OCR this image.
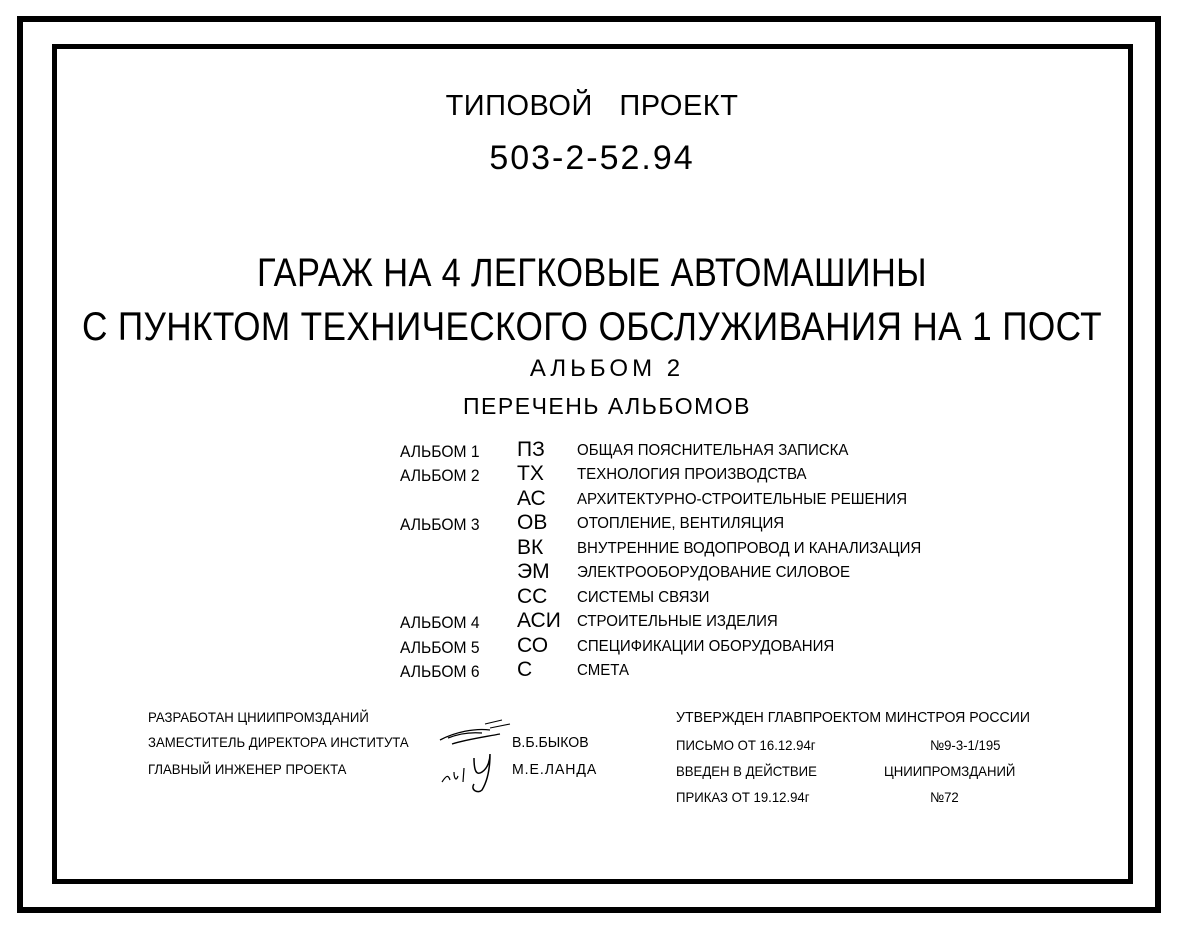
ТИПОВОЙ ПРОЕКТ
503-2-52.94
ГАРАЖ НА 4 ЛЕГКОВЫЕ АВТОМАШИНЫ
С ПУНКТОМ ТЕХНИЧЕСКОГО ОБСЛУЖИВАНИЯ НА 1 ПОСТ
АЛЬБОМ 2
ПЕРЕЧЕНЬ АЛЬБОМОВ
АЛЬБОМ 1 ПЗ ОБЩАЯ ПОЯСНИТЕЛЬНАЯ ЗАПИСКА
АЛЬБОМ 2 ТХ ТЕХНОЛОГИЯ ПРОИЗВОДСТВА
АС АРХИТЕКТУРНО-СТРОИТЕЛЬНЫЕ РЕШЕНИЯ
АЛЬБОМ 3 ОВ ОТОПЛЕНИЕ, ВЕНТИЛЯЦИЯ
ВК ВНУТРЕННИЕ ВОДОПРОВОД И КАНАЛИЗАЦИЯ
ЭМ ЭЛЕКТРООБОРУДОВАНИЕ СИЛОВОЕ
СС СИСТЕМЫ СВЯЗИ
АЛЬБОМ 4 АСИ СТРОИТЕЛЬНЫЕ ИЗДЕЛИЯ
АЛЬБОМ 5 СО СПЕЦИФИКАЦИИ ОБОРУДОВАНИЯ
АЛЬБОМ 6 С	СМЕТА
РАЗРАБОТАН ЦНИИПРОМЗДАНИЙ
ЗАМЕСТИТЕЛЬ ДИРЕКТОРА ИНСТИТУТА	В.Б.БЫКОВ
ГЛАВНЫЙ ИНЖЕНЕР ПРОЕКТА	М.Е.ЛАНДА
УТВЕРЖДЕН ГЛАВПРОЕКТОМ МИНСТРОЯ РОССИИ
ПИСЬМО ОТ 16.12.94г	№9-3-1/195
ВВЕДЕН В ДЕЙСТВИЕ	ЦНИИПРОМЗДАНИЙ
ПРИКАЗ ОТ 19.12.94г	№72
